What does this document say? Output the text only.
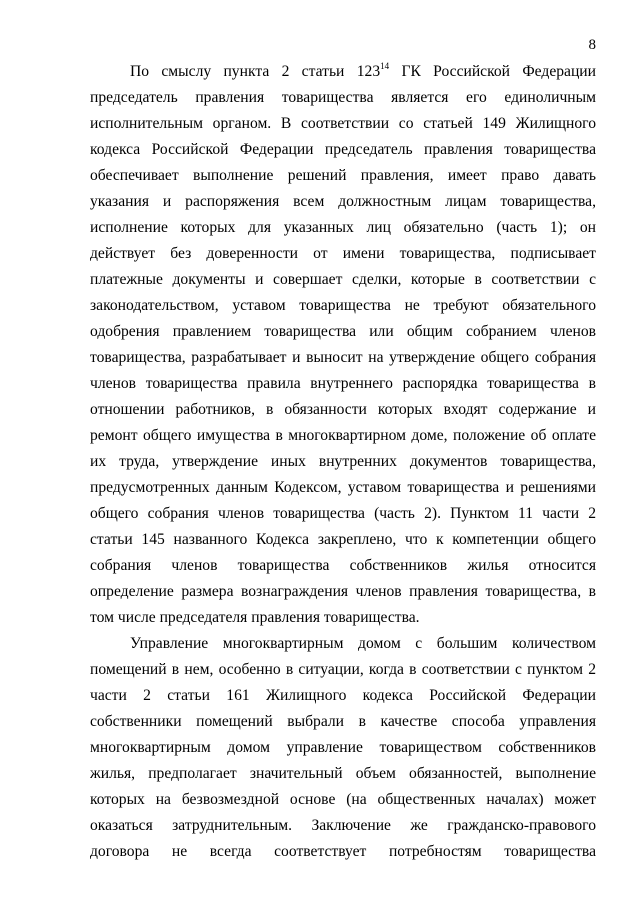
8
По смыслу пункта 2 статьи $123^{14}$ ГК Российской Федерации
председатель правления товарищества является его единоличным
исполнительным органом. В соответствии со статьей 149 Жилищного
кодекса Российской Федерации председатель правления товарищества
обеспечивает выполнение решений правления, имеет право давать
указания и распоряжения всем должностным лицам товарищества,
исполнение которых для указанных лиц обязательно (часть 1); он
действует без доверенности от имени товарищества, подписывает
платежные документы и совершает сделки, которые в соответствии с
законодательством, уставом товарищества не требуют обязательного
одобрения правлением товарищества или общим собранием членов
товарищества, разрабатывает и выносит на утверждение общего собрания
членов товарищества правила внутреннего распорядка товарищества в
отношении работников, в обязанности которых входят содержание и
ремонт общего имущества в многоквартирном доме, положение об оплате
их труда, утверждение иных внутренних документов товарищества,
предусмотренных данным Кодексом, уставом товарищества и решениями
общего собрания членов товарищества (часть 2). Пунктом 11 части 2
статьи 145 названного Кодекса закреплено, что к компетенции общего
собрания членов товарищества собственников жилья относится
определение размера вознаграждения членов правления товарищества, в
том числе председателя правления товарищества.
Управление многоквартирным домом с большим количеством
помещений в нем, особенно в ситуации, когда в соответствии с пунктом 2
части 2 статьи 161 Жилищного кодекса Российской Федерации
собственники помещений выбрали в качестве способа управления
многоквартирным домом управление товариществом собственников
жилья, предполагает значительный объем обязанностей, выполнение
которых на безвозмездной основе (на общественных началах) может
оказаться затруднительным. Заключение же гражданско-правового
договора не всегда соответствует потребностям товарищества
